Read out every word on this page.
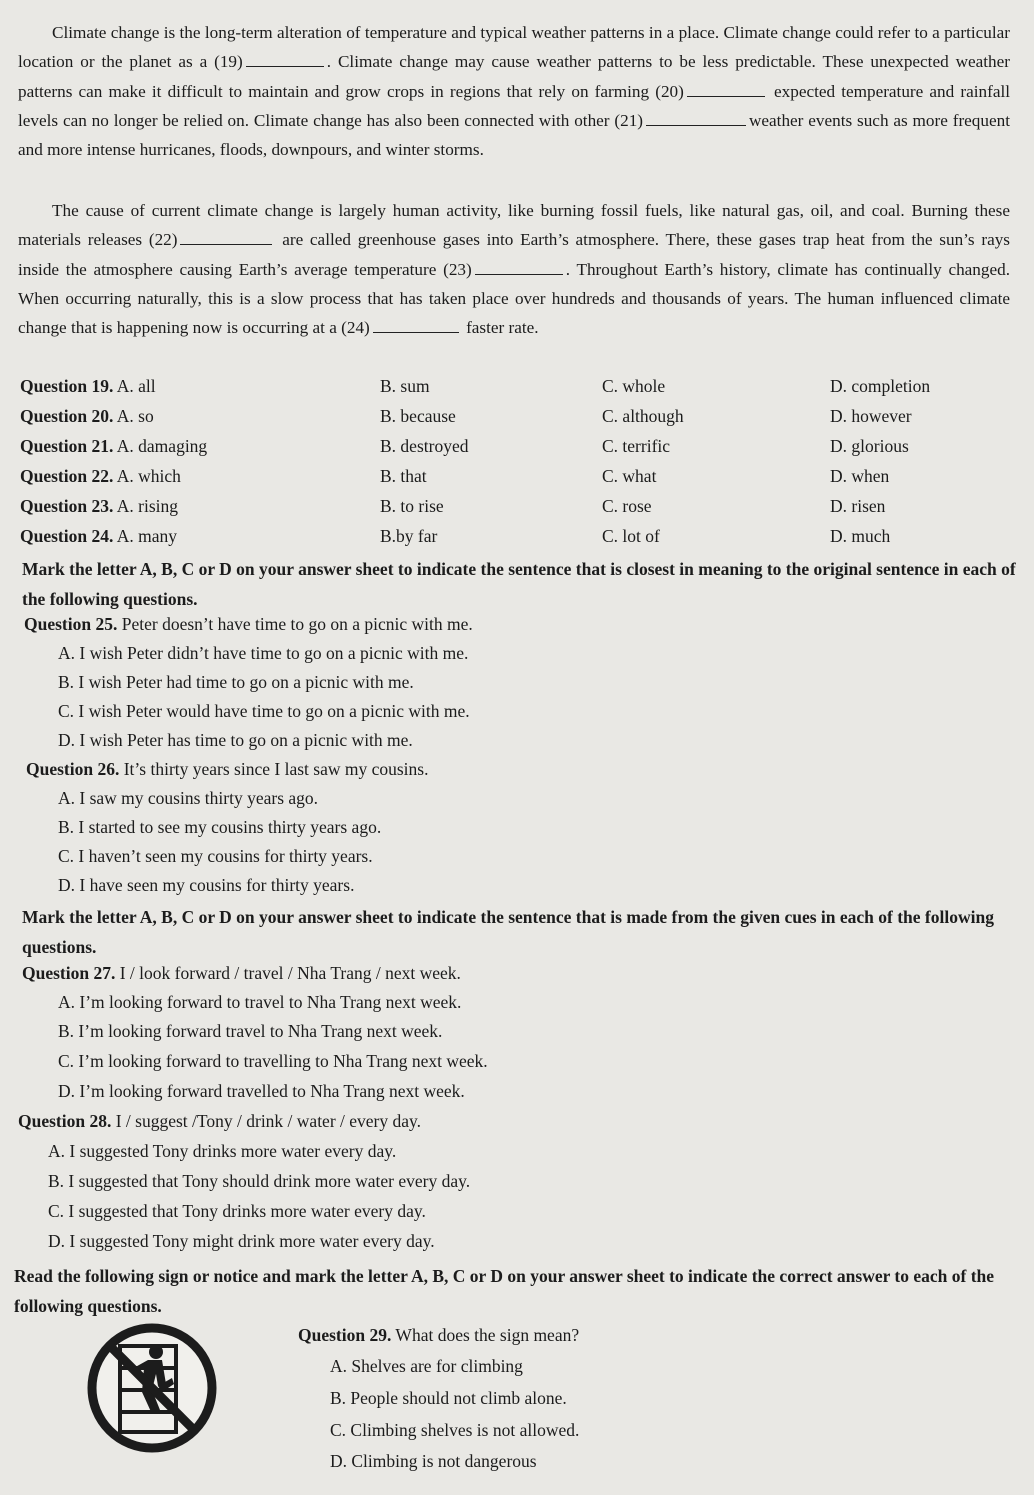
Climate change is the long-term alteration of temperature and typical weather patterns in a place. Climate change could refer to a particular location or the planet as a (19)	. Climate change may cause weather patterns to be less predictable. These unexpected weather patterns can make it difficult to maintain and grow crops in regions that rely on farming (20)	expected temperature and rainfall levels can no longer be relied on. Climate change has also been connected with other (21)	weather events such as more frequent and more intense hurricanes, floods, downpours, and winter storms.

The cause of current climate change is largely human activity, like burning fossil fuels, like natural gas, oil, and coal. Burning these materials releases (22)	are called greenhouse gases into Earth’s atmosphere. There, these gases trap heat from the sun’s rays inside the atmosphere causing Earth’s average temperature (23)	. Throughout Earth’s history, climate has continually changed. When occurring naturally, this is a slow process that has taken place over hundreds and thousands of years. The human influenced climate change that is happening now is occurring at a (24)	faster rate.

Question 19. A. all	B. sum	C. whole	D. completion
Question 20. A. so	B. because	C. although	D. however
Question 21. A. damaging	B. destroyed	C. terrific	D. glorious
Question 22. A. which	B. that	C. what	D. when
Question 23. A. rising	B. to rise	C. rose	D. risen
Question 24. A. many	B.by far	C. lot of	D. much
Mark the letter A, B, C or D on your answer sheet to indicate the sentence that is closest in meaning to the original sentence in each of the following questions.
Question 25. Peter doesn’t have time to go on a picnic with me.
A. I wish Peter didn’t have time to go on a picnic with me.
B. I wish Peter had time to go on a picnic with me.
C. I wish Peter would have time to go on a picnic with me.
D. I wish Peter has time to go on a picnic with me.
Question 26. It’s thirty years since I last saw my cousins.
A. I saw my cousins thirty years ago.
B. I started to see my cousins thirty years ago.
C. I haven’t seen my cousins for thirty years.
D. I have seen my cousins for thirty years.
Mark the letter A, B, C or D on your answer sheet to indicate the sentence that is made from the given cues in each of the following questions.
Question 27. I / look forward / travel / Nha Trang / next week.
A. I’m looking forward to travel to Nha Trang next week.
B. I’m looking forward travel to Nha Trang next week.
C. I’m looking forward to travelling to Nha Trang next week.
D. I’m looking forward travelled to Nha Trang next week.
Question 28. I / suggest /Tony / drink / water / every day.
A. I suggested Tony drinks more water every day.
B. I suggested that Tony should drink more water every day.
C. I suggested that Tony drinks more water every day.
D. I suggested Tony might drink more water every day.
Read the following sign or notice and mark the letter A, B, C or D on your answer sheet to indicate the correct answer to each of the following questions.
Question 29. What does the sign mean?
A. Shelves are for climbing
B. People should not climb alone.
C. Climbing shelves is not allowed.
D. Climbing is not dangerous
